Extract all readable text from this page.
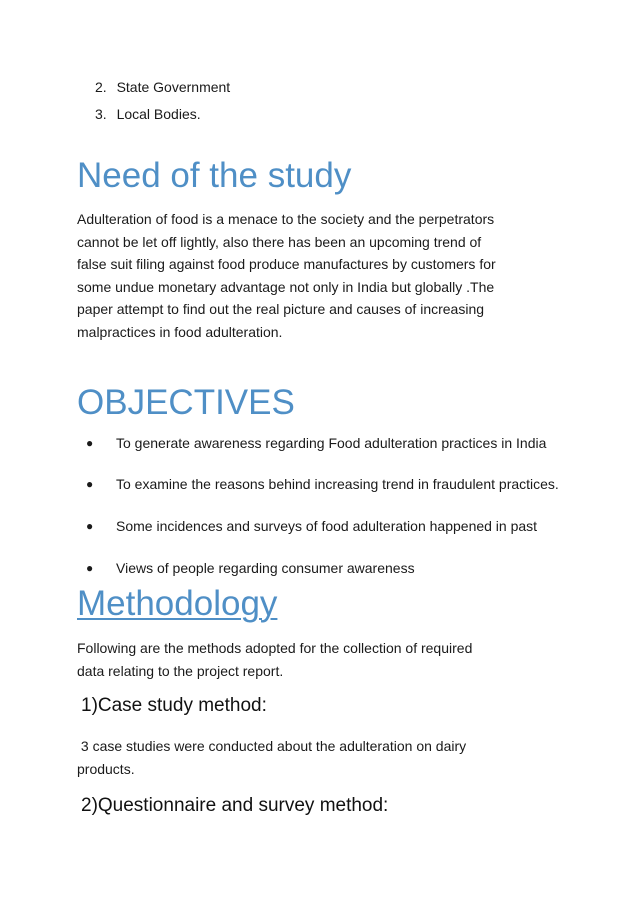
2. State Government
3. Local Bodies.
Need of the study
Adulteration of food is a menace to the society and the perpetrators
cannot be let off lightly, also there has been an upcoming trend of
false suit filing against food produce manufactures by customers for
some undue monetary advantage not only in India but globally .The
paper attempt to find out the real picture and causes of increasing
malpractices in food adulteration.
OBJECTIVES
●	To generate awareness regarding Food adulteration practices in India
●	To examine the reasons behind increasing trend in fraudulent practices.
●	Some incidences and surveys of food adulteration happened in past
●	Views of people regarding consumer awareness
Methodology
Following are the methods adopted for the collection of required
data relating to the project report.
1)Case study method:
3 case studies were conducted about the adulteration on dairy
products.
2)Questionnaire and survey method:
